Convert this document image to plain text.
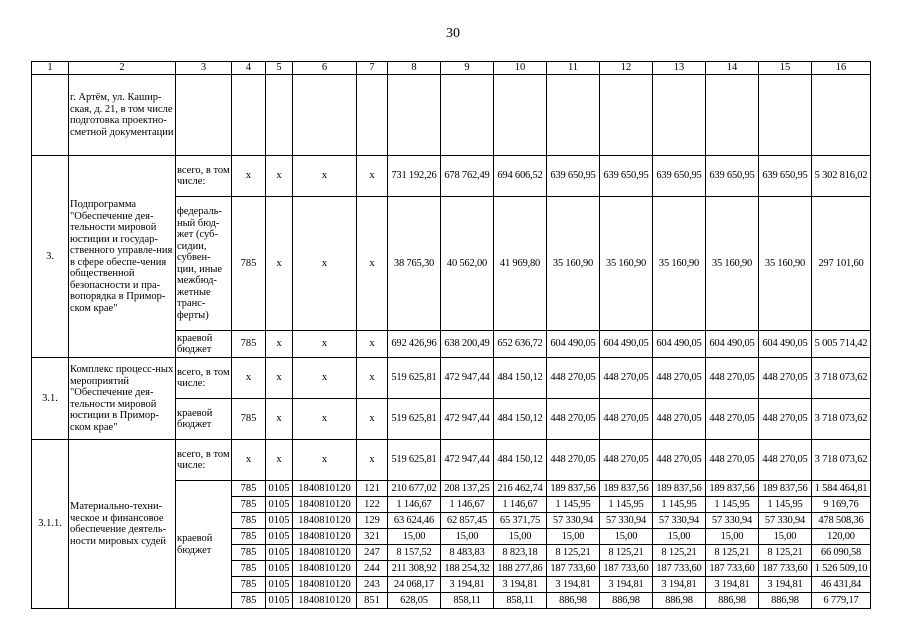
30
1	2	3	4	5	6	7	8	9	10	11	12	13	14	15	16
	г. Артём, ул. Кашир-ская, д. 21, в том числе подготовка проектно-сметной документации														
3.	Подпрограмма "Обеспечение дея-тельности мировой юстиции и государ-ственного управле-ния в сфере обеспе-чения общественной безопасности и пра-вопорядка в Примор-ском крае"	всего, в том числе:	x	x	x	x	731 192,26	678 762,49	694 606,52	639 650,95	639 650,95	639 650,95	639 650,95	639 650,95	5 302 816,02
		федераль-ный бюд-жет (суб-сидии, субвен-ции, иные межбюд-жетные транс-ферты)	785	x	x	x	38 765,30	40 562,00	41 969,80	35 160,90	35 160,90	35 160,90	35 160,90	35 160,90	297 101,60
		краевой бюджет	785	x	x	x	692 426,96	638 200,49	652 636,72	604 490,05	604 490,05	604 490,05	604 490,05	604 490,05	5 005 714,42
3.1.	Комплекс процесс-ных мероприятий "Обеспечение дея-тельности мировой юстиции в Примор-ском крае"	всего, в том числе:	x	x	x	x	519 625,81	472 947,44	484 150,12	448 270,05	448 270,05	448 270,05	448 270,05	448 270,05	3 718 073,62
		краевой бюджет	785	x	x	x	519 625,81	472 947,44	484 150,12	448 270,05	448 270,05	448 270,05	448 270,05	448 270,05	3 718 073,62
3.1.1.	Материально-техни-ческое и финансовое обеспечение деятель-ности мировых судей	всего, в том числе:	x	x	x	x	519 625,81	472 947,44	484 150,12	448 270,05	448 270,05	448 270,05	448 270,05	448 270,05	3 718 073,62
		краевой бюджет	785	0105	1840810120	121	210 677,02	208 137,25	216 462,74	189 837,56	189 837,56	189 837,56	189 837,56	189 837,56	1 584 464,81
			785	0105	1840810120	122	1 146,67	1 146,67	1 146,67	1 145,95	1 145,95	1 145,95	1 145,95	1 145,95	9 169,76
			785	0105	1840810120	129	63 624,46	62 857,45	65 371,75	57 330,94	57 330,94	57 330,94	57 330,94	57 330,94	478 508,36
			785	0105	1840810120	321	15,00	15,00	15,00	15,00	15,00	15,00	15,00	15,00	120,00
			785	0105	1840810120	247	8 157,52	8 483,83	8 823,18	8 125,21	8 125,21	8 125,21	8 125,21	8 125,21	66 090,58
			785	0105	1840810120	244	211 308,92	188 254,32	188 277,86	187 733,60	187 733,60	187 733,60	187 733,60	187 733,60	1 526 509,10
			785	0105	1840810120	243	24 068,17	3 194,81	3 194,81	3 194,81	3 194,81	3 194,81	3 194,81	3 194,81	46 431,84
			785	0105	1840810120	851	628,05	858,11	858,11	886,98	886,98	886,98	886,98	886,98	6 779,17
